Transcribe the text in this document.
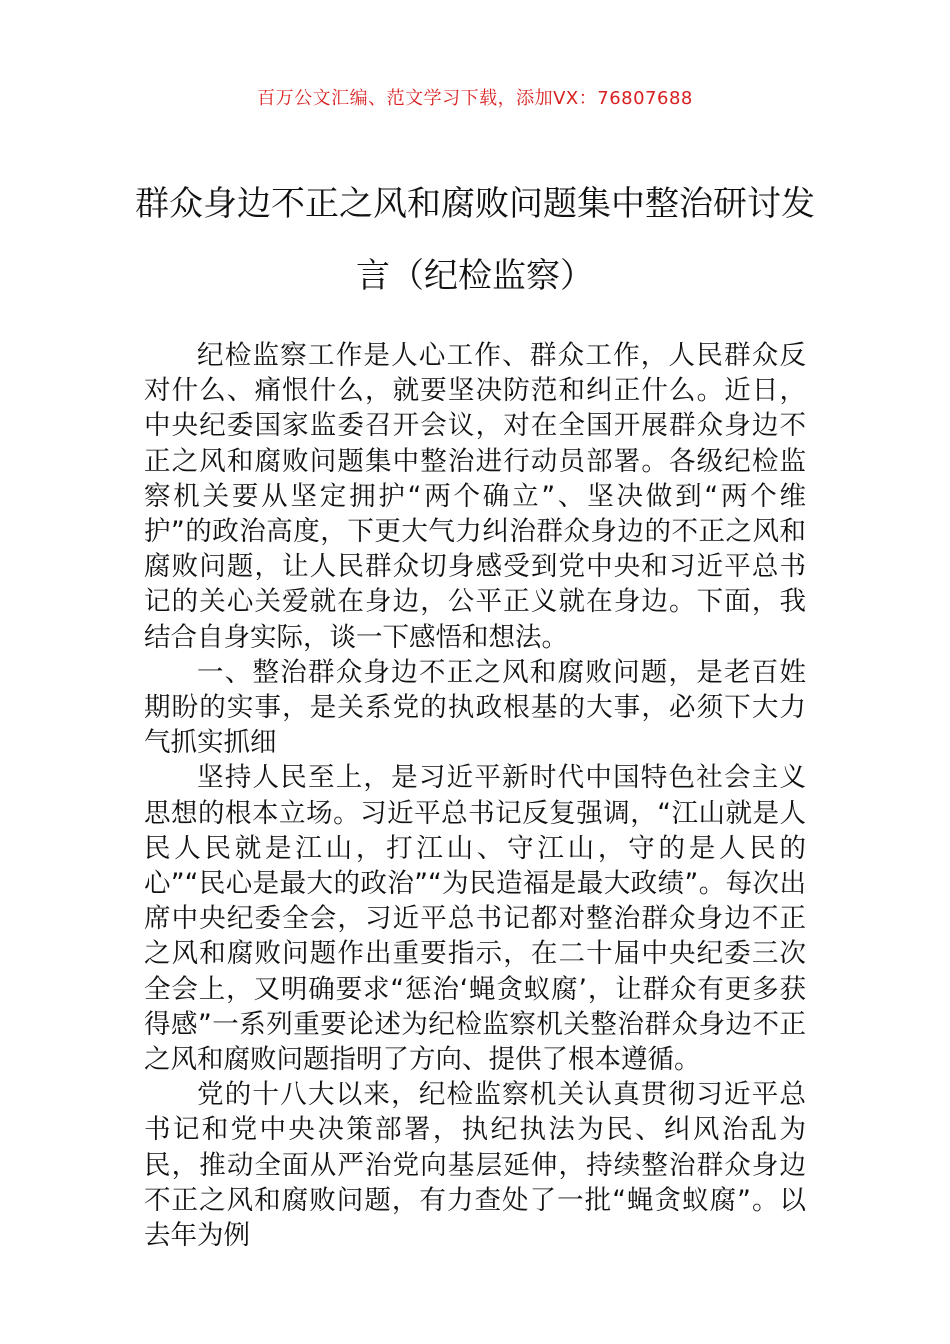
百万公文汇编、范文学习下载，添加VX：76807688
群众身边不正之风和腐败问题集中整治研讨发言（纪检监察）

纪检监察工作是人心工作、群众工作，人民群众反对什么、痛恨什么，就要坚决防范和纠正什么。近日，中央纪委国家监委召开会议，对在全国开展群众身边不正之风和腐败问题集中整治进行动员部署。各级纪检监察机关要从坚定拥护“两个确立”、坚决做到“两个维护”的政治高度，下更大气力纠治群众身边的不正之风和腐败问题，让人民群众切身感受到党中央和习近平总书记的关心关爱就在身边，公平正义就在身边。下面，我结合自身实际，谈一下感悟和想法。

一、整治群众身边不正之风和腐败问题，是老百姓期盼的实事，是关系党的执政根基的大事，必须下大力气抓实抓细

坚持人民至上，是习近平新时代中国特色社会主义思想的根本立场。习近平总书记反复强调，“江山就是人民人民就是江山，打江山、守江山，守的是人民的心”“民心是最大的政治”“为民造福是最大政绩”。每次出席中央纪委全会，习近平总书记都对整治群众身边不正之风和腐败问题作出重要指示，在二十届中央纪委三次全会上，又明确要求“惩治‘蝇贪蚁腐’，让群众有更多获得感”一系列重要论述为纪检监察机关整治群众身边不正之风和腐败问题指明了方向、提供了根本遵循。

党的十八大以来，纪检监察机关认真贯彻习近平总书记和党中央决策部署，执纪执法为民、纠风治乱为民，推动全面从严治党向基层延伸，持续整治群众身边不正之风和腐败问题，有力查处了一批“蝇贪蚁腐”。以去年为例
